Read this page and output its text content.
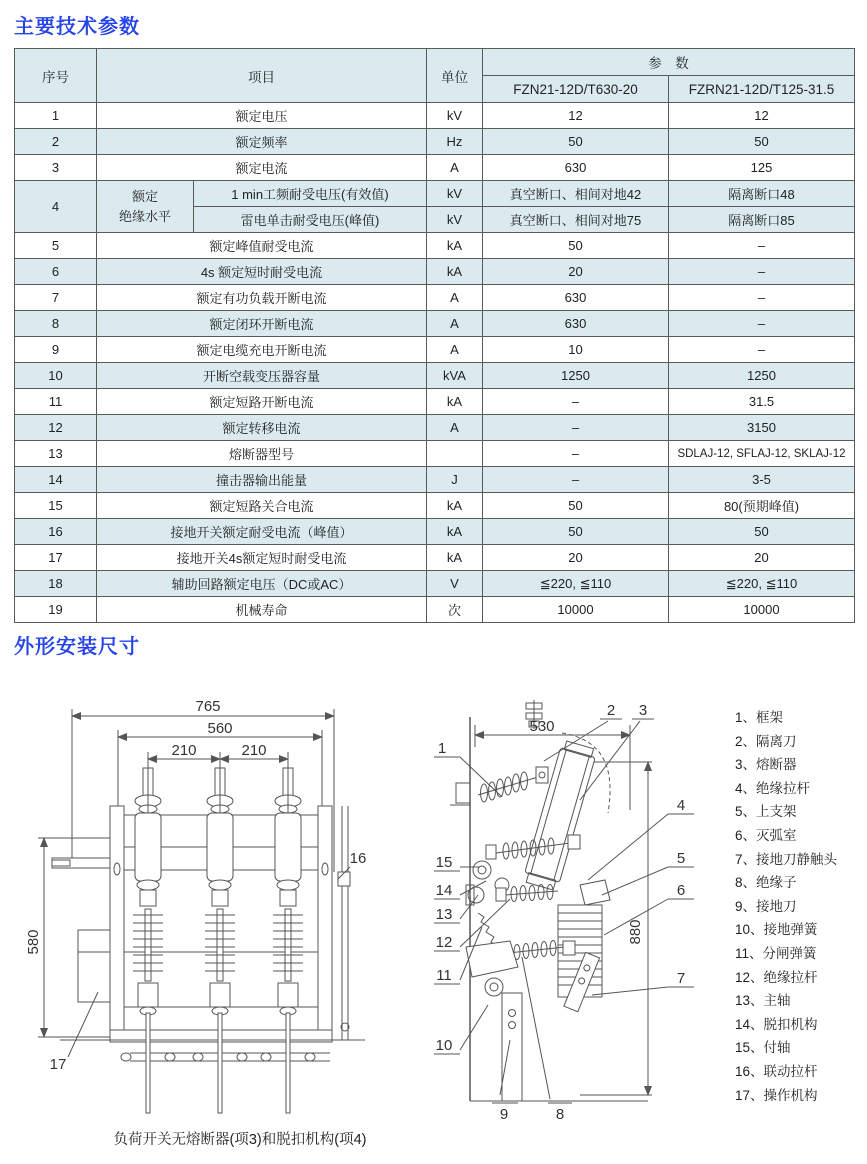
主要技术参数
序号	项目		单位	参　数	
				FZN21-12D/T630-20	FZRN21-12D/T125-31.5
1	额定电压		kV	12	12
2	额定频率		Hz	50	50
3	额定电流		A	630	125
4	额定
绝缘水平	1 min工频耐受电压(有效值)	kV	真空断口、相间对地42	隔离断口48
		雷电单击耐受电压(峰值)	kV	真空断口、相间对地75	隔离断口85
5	额定峰值耐受电流		kA	50	–
6	4s 额定短时耐受电流		kA	20	–
7	额定有功负载开断电流		A	630	–
8	额定闭环开断电流		A	630	–
9	额定电缆充电开断电流		A	10	–
10	开断空载变压器容量		kVA	1250	1250
11	额定短路开断电流		kA	–	31.5
12	额定转移电流		A	–	3150
13	熔断器型号			–	SDLAJ-12, SFLAJ-12, SKLAJ-12
14	撞击器输出能量		J	–	3-5
15	额定短路关合电流		kA	50	80(预期峰值)
16	接地开关额定耐受电流（峰值）		kA	50	50
17	接地开关4s额定短时耐受电流		kA	20	20
18	辅助回路额定电压（DC或AC）		V	≦220, ≦110	≦220, ≦110
19	机械寿命		次	10000	10000
外形安装尺寸
765
560
210	210
580
16
17
530
880
1
2 3
4
5
6
7
8
9
10
11
12
13
14
15
负荷开关无熔断器(项3)和脱扣机构(项4)
1、框架
2、隔离刀
3、熔断器
4、绝缘拉杆
5、上支架
6、灭弧室
7、接地刀静触头
8、绝缘子
9、接地刀
10、接地弹簧
11、分闸弹簧
12、绝缘拉杆
13、主轴
14、脱扣机构
15、付轴
16、联动拉杆
17、操作机构
